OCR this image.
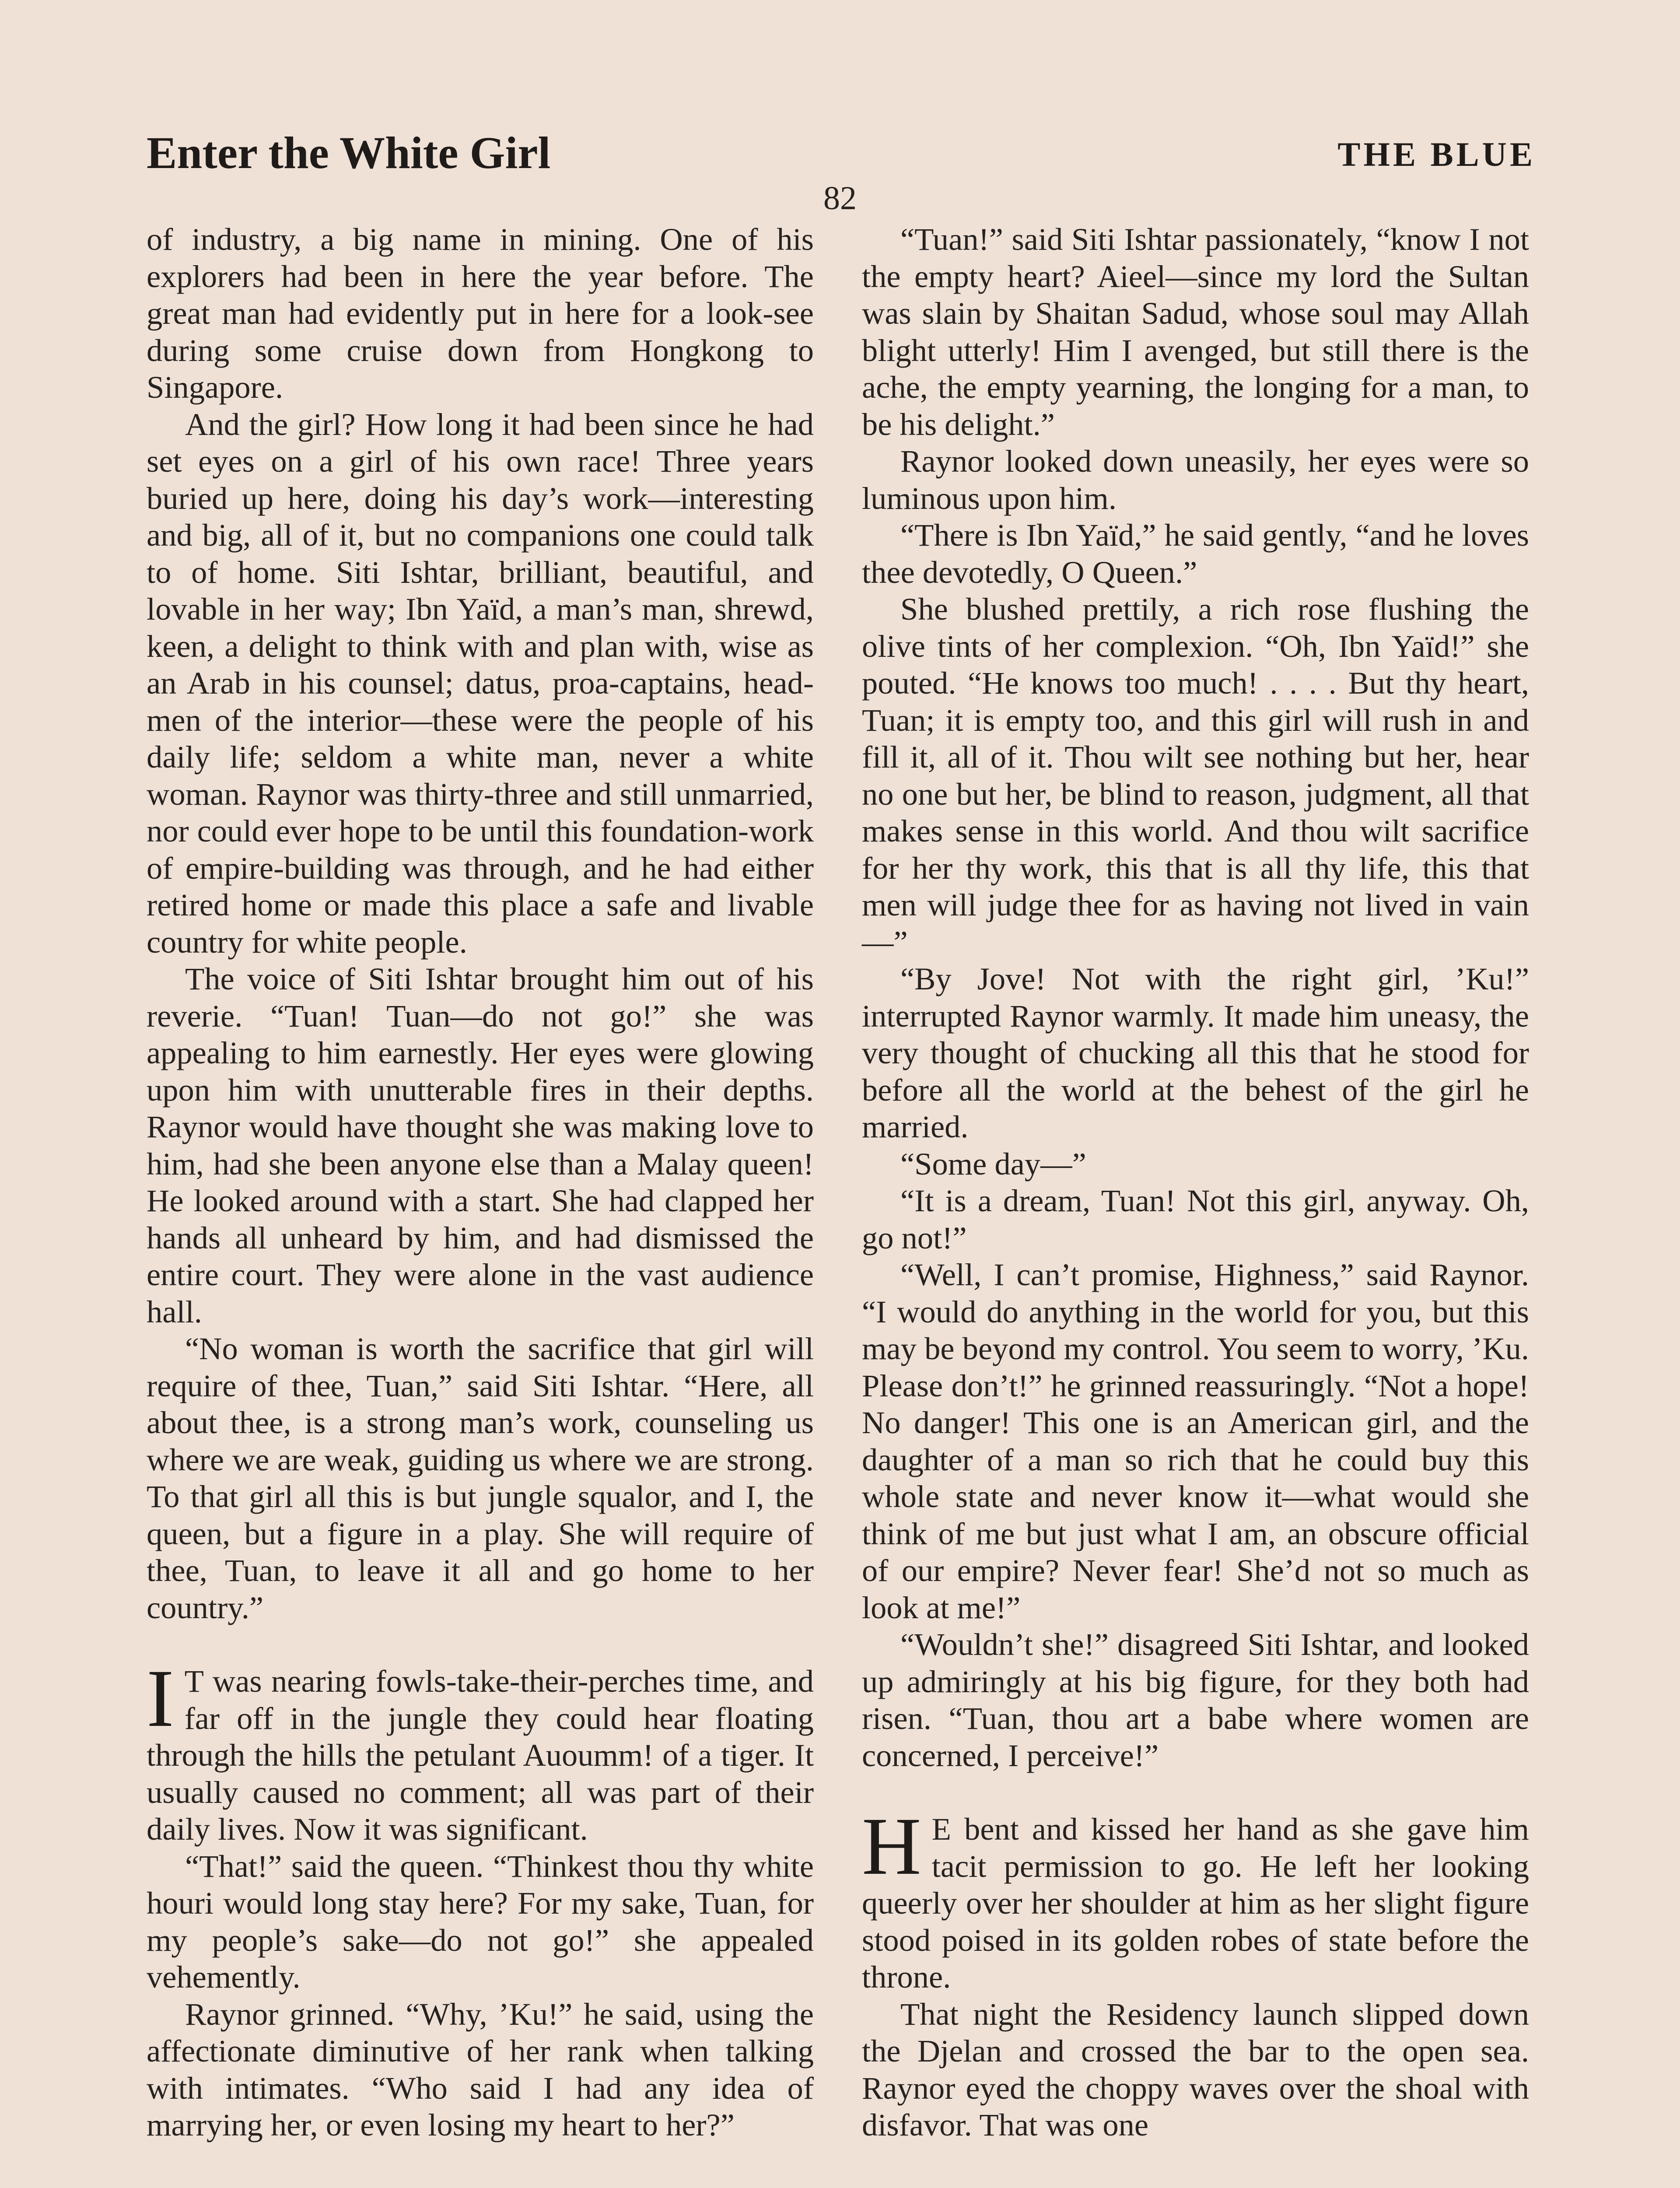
Enter the White Girl	THE BLUE
82

of industry, a big name in mining. One of his explorers had been in here the year before. The great man had evidently put in here for a look-see during some cruise down from Hongkong to Singapore.

And the girl? How long it had been since he had set eyes on a girl of his own race! Three years buried up here, doing his day’s work—interesting and big, all of it, but no companions one could talk to of home. Siti Ishtar, brilliant, beautiful, and lovable in her way; Ibn Yaïd, a man’s man, shrewd, keen, a delight to think with and plan with, wise as an Arab in his counsel; datus, proa-captains, head-men of the interior—these were the people of his daily life; seldom a white man, never a white woman. Raynor was thirty-three and still unmarried, nor could ever hope to be until this foundation-work of empire-building was through, and he had either retired home or made this place a safe and livable country for white people.

The voice of Siti Ishtar brought him out of his reverie. “Tuan! Tuan—do not go!” she was appealing to him earnestly. Her eyes were glowing upon him with unutterable fires in their depths. Raynor would have thought she was making love to him, had she been anyone else than a Malay queen! He looked around with a start. She had clapped her hands all unheard by him, and had dismissed the entire court. They were alone in the vast audience hall.

“No woman is worth the sacrifice that girl will require of thee, Tuan,” said Siti Ishtar. “Here, all about thee, is a strong man’s work, counseling us where we are weak, guiding us where we are strong. To that girl all this is but jungle squalor, and I, the queen, but a figure in a play. She will require of thee, Tuan, to leave it all and go home to her country.”

I T was nearing fowls-take-their-perches time, and far off in the jungle they could hear floating through the hills the petulant Auoumm! of a tiger. It usually caused no comment; all was part of their daily lives. Now it was significant.

“That!” said the queen. “Thinkest thou thy white houri would long stay here? For my sake, Tuan, for my people’s sake—do not go!” she appealed vehemently.

Raynor grinned. “Why, ’Ku!” he said, using the affectionate diminutive of her rank when talking with intimates. “Who said I had any idea of marrying her, or even losing my heart to her?”

“Tuan!” said Siti Ishtar passionately, “know I not the empty heart? Aieel—since my lord the Sultan was slain by Shaitan Sadud, whose soul may Allah blight utterly! Him I avenged, but still there is the ache, the empty yearning, the longing for a man, to be his delight.”

Raynor looked down uneasily, her eyes were so luminous upon him.

“There is Ibn Yaïd,” he said gently, “and he loves thee devotedly, O Queen.”

She blushed prettily, a rich rose flushing the olive tints of her complexion. “Oh, Ibn Yaïd!” she pouted. “He knows too much! . . . . But thy heart, Tuan; it is empty too, and this girl will rush in and fill it, all of it. Thou wilt see nothing but her, hear no one but her, be blind to reason, judgment, all that makes sense in this world. And thou wilt sacrifice for her thy work, this that is all thy life, this that men will judge thee for as having not lived in vain—”

“By Jove! Not with the right girl, ’Ku!” interrupted Raynor warmly. It made him uneasy, the very thought of chucking all this that he stood for before all the world at the behest of the girl he married.

“Some day—”

“It is a dream, Tuan! Not this girl, anyway. Oh, go not!”

“Well, I can’t promise, Highness,” said Raynor. “I would do anything in the world for you, but this may be beyond my control. You seem to worry, ’Ku. Please don’t!” he grinned reassuringly. “Not a hope! No danger! This one is an American girl, and the daughter of a man so rich that he could buy this whole state and never know it—what would she think of me but just what I am, an obscure official of our empire? Never fear! She’d not so much as look at me!”

“Wouldn’t she!” disagreed Siti Ishtar, and looked up admiringly at his big figure, for they both had risen. “Tuan, thou art a babe where women are concerned, I perceive!”

H E bent and kissed her hand as she gave him tacit permission to go. He left her looking queerly over her shoulder at him as her slight figure stood poised in its golden robes of state before the throne.

That night the Residency launch slipped down the Djelan and crossed the bar to the open sea. Raynor eyed the choppy waves over the shoal with disfavor. That was one
